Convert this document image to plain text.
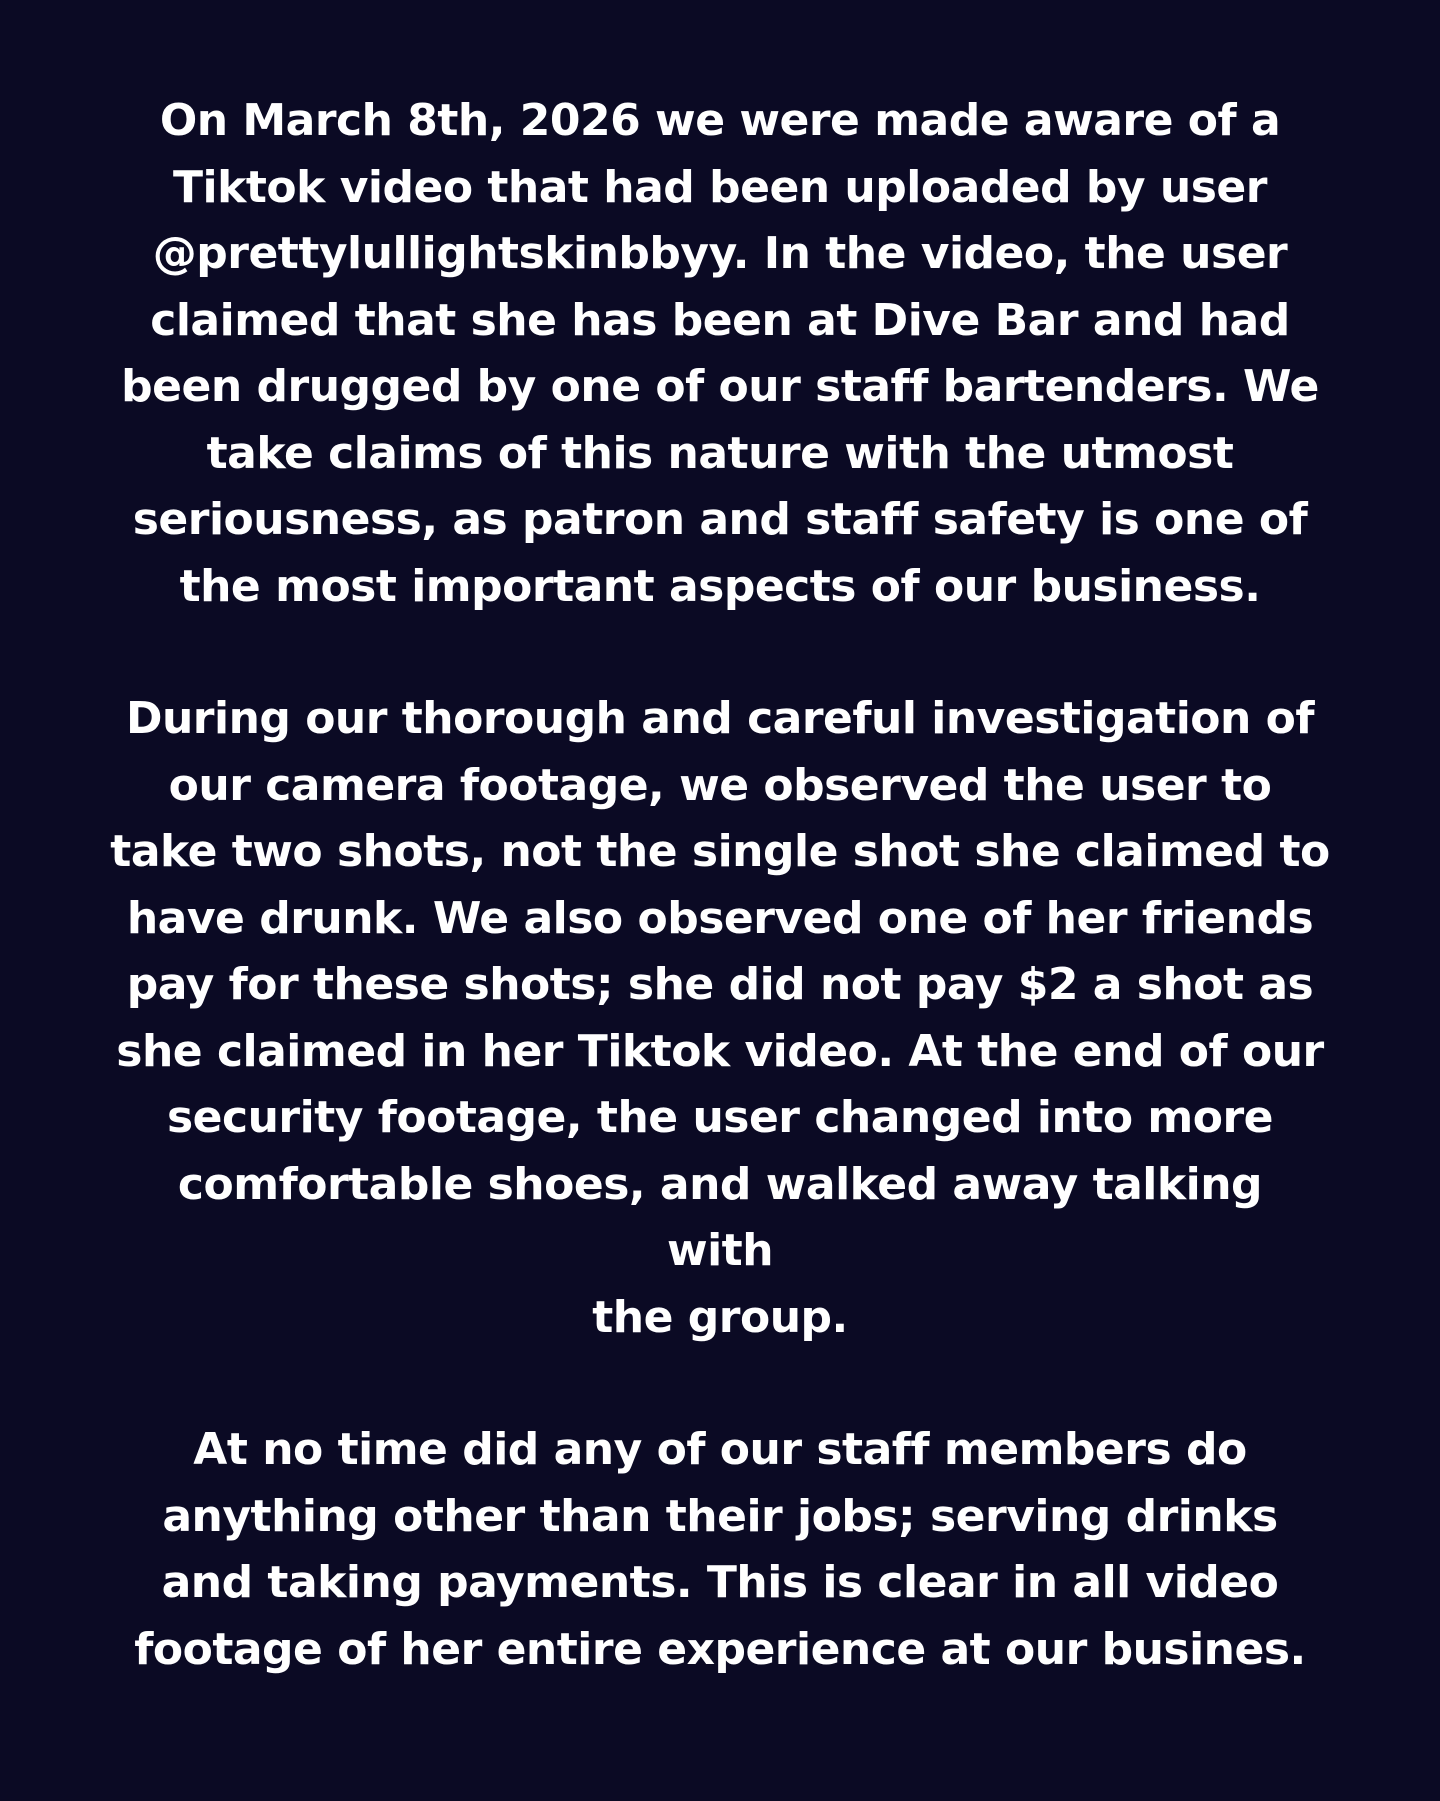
On March 8th, 2026 we were made aware of a
Tiktok video that had been uploaded by user
@prettylullightskinbbyy. In the video, the user
claimed that she has been at Dive Bar and had
been drugged by one of our staff bartenders. We
take claims of this nature with the utmost
seriousness, as patron and staff safety is one of
the most important aspects of our business.

During our thorough and careful investigation of
our camera footage, we observed the user to
take two shots, not the single shot she claimed to
have drunk. We also observed one of her friends
pay for these shots; she did not pay $2 a shot as
she claimed in her Tiktok video. At the end of our
security footage, the user changed into more
comfortable shoes, and walked away talking
with
the group.

At no time did any of our staff members do
anything other than their jobs; serving drinks
and taking payments. This is clear in all video
footage of her entire experience at our busines.
